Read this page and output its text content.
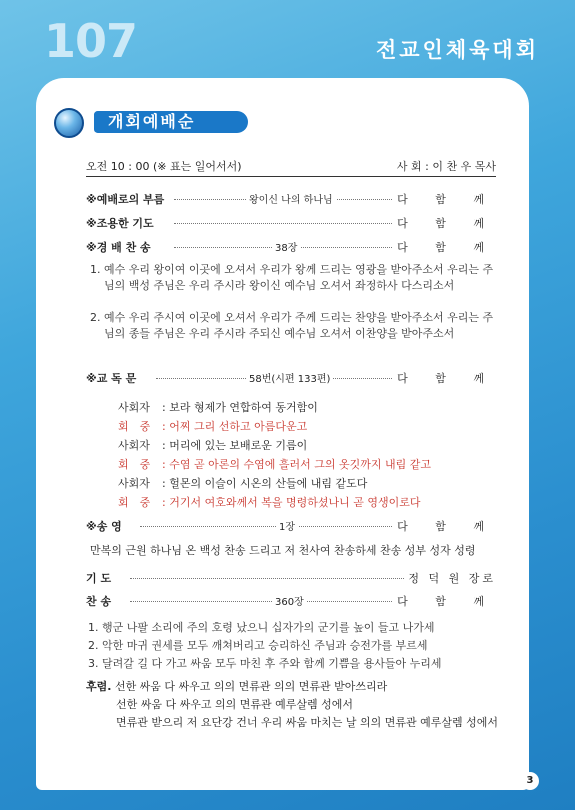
107	전교인체육대회
개회예배순
오전 10 : 00 (※ 표는 일어서서)	사 회 : 이 찬 우 목사
※예배로의 부름	왕이신 나의 하나님	다 함 께
※조용한 기도	다 함 께
※경 배 찬 송	38장	다 함 께
1. 예수 우리 왕이여 이곳에 오셔서 우리가 왕께 드리는 영광을 받아주소서 우리는 주님의 백성 주님은 우리 주시라 왕이신 예수님 오셔서 좌정하사 다스리소서
2. 예수 우리 주시여 이곳에 오셔서 우리가 주께 드리는 찬양을 받아주소서 우리는 주님의 종들 주님은 우리 주시라 주되신 예수님 오셔서 이찬양을 받아주소서
※교 독 문	58번(시편 133편)	다 함 께
사회자 : 보라 형제가 연합하여 동거함이
회　중 : 어찌 그리 선하고 아름다운고
사회자 : 머리에 있는 보배로운 기름이
회　중 : 수염 곧 아론의 수염에 흘러서 그의 옷깃까지 내림 같고
사회자 : 헐몬의 이슬이 시온의 산들에 내림 같도다
회　중 : 거기서 여호와께서 복을 명령하셨나니 곧 영생이로다
※송 영	1장	다 함 께
만복의 근원 하나님 온 백성 찬송 드리고 저 천사여 찬송하세 찬송 성부 성자 성령
기 도	정 덕 원 장로
찬 송	360장	다 함 께
1. 행군 나팔 소리에 주의 호령 났으니 십자가의 군기를 높이 들고 나가세
2. 악한 마귀 권세를 모두 깨쳐버리고 승리하신 주님과 승전가를 부르세
3. 달려갈 길 다 가고 싸움 모두 마친 후 주와 함께 기쁨을 용사들아 누리세
후렴. 선한 싸움 다 싸우고 의의 면류관 의의 면류관 받아쓰리라
선한 싸움 다 싸우고 의의 면류관 예루살렘 성에서
면류관 받으리 저 요단강 건너 우리 싸움 마치는 날 의의 면류관 예루살렘 성에서
3
